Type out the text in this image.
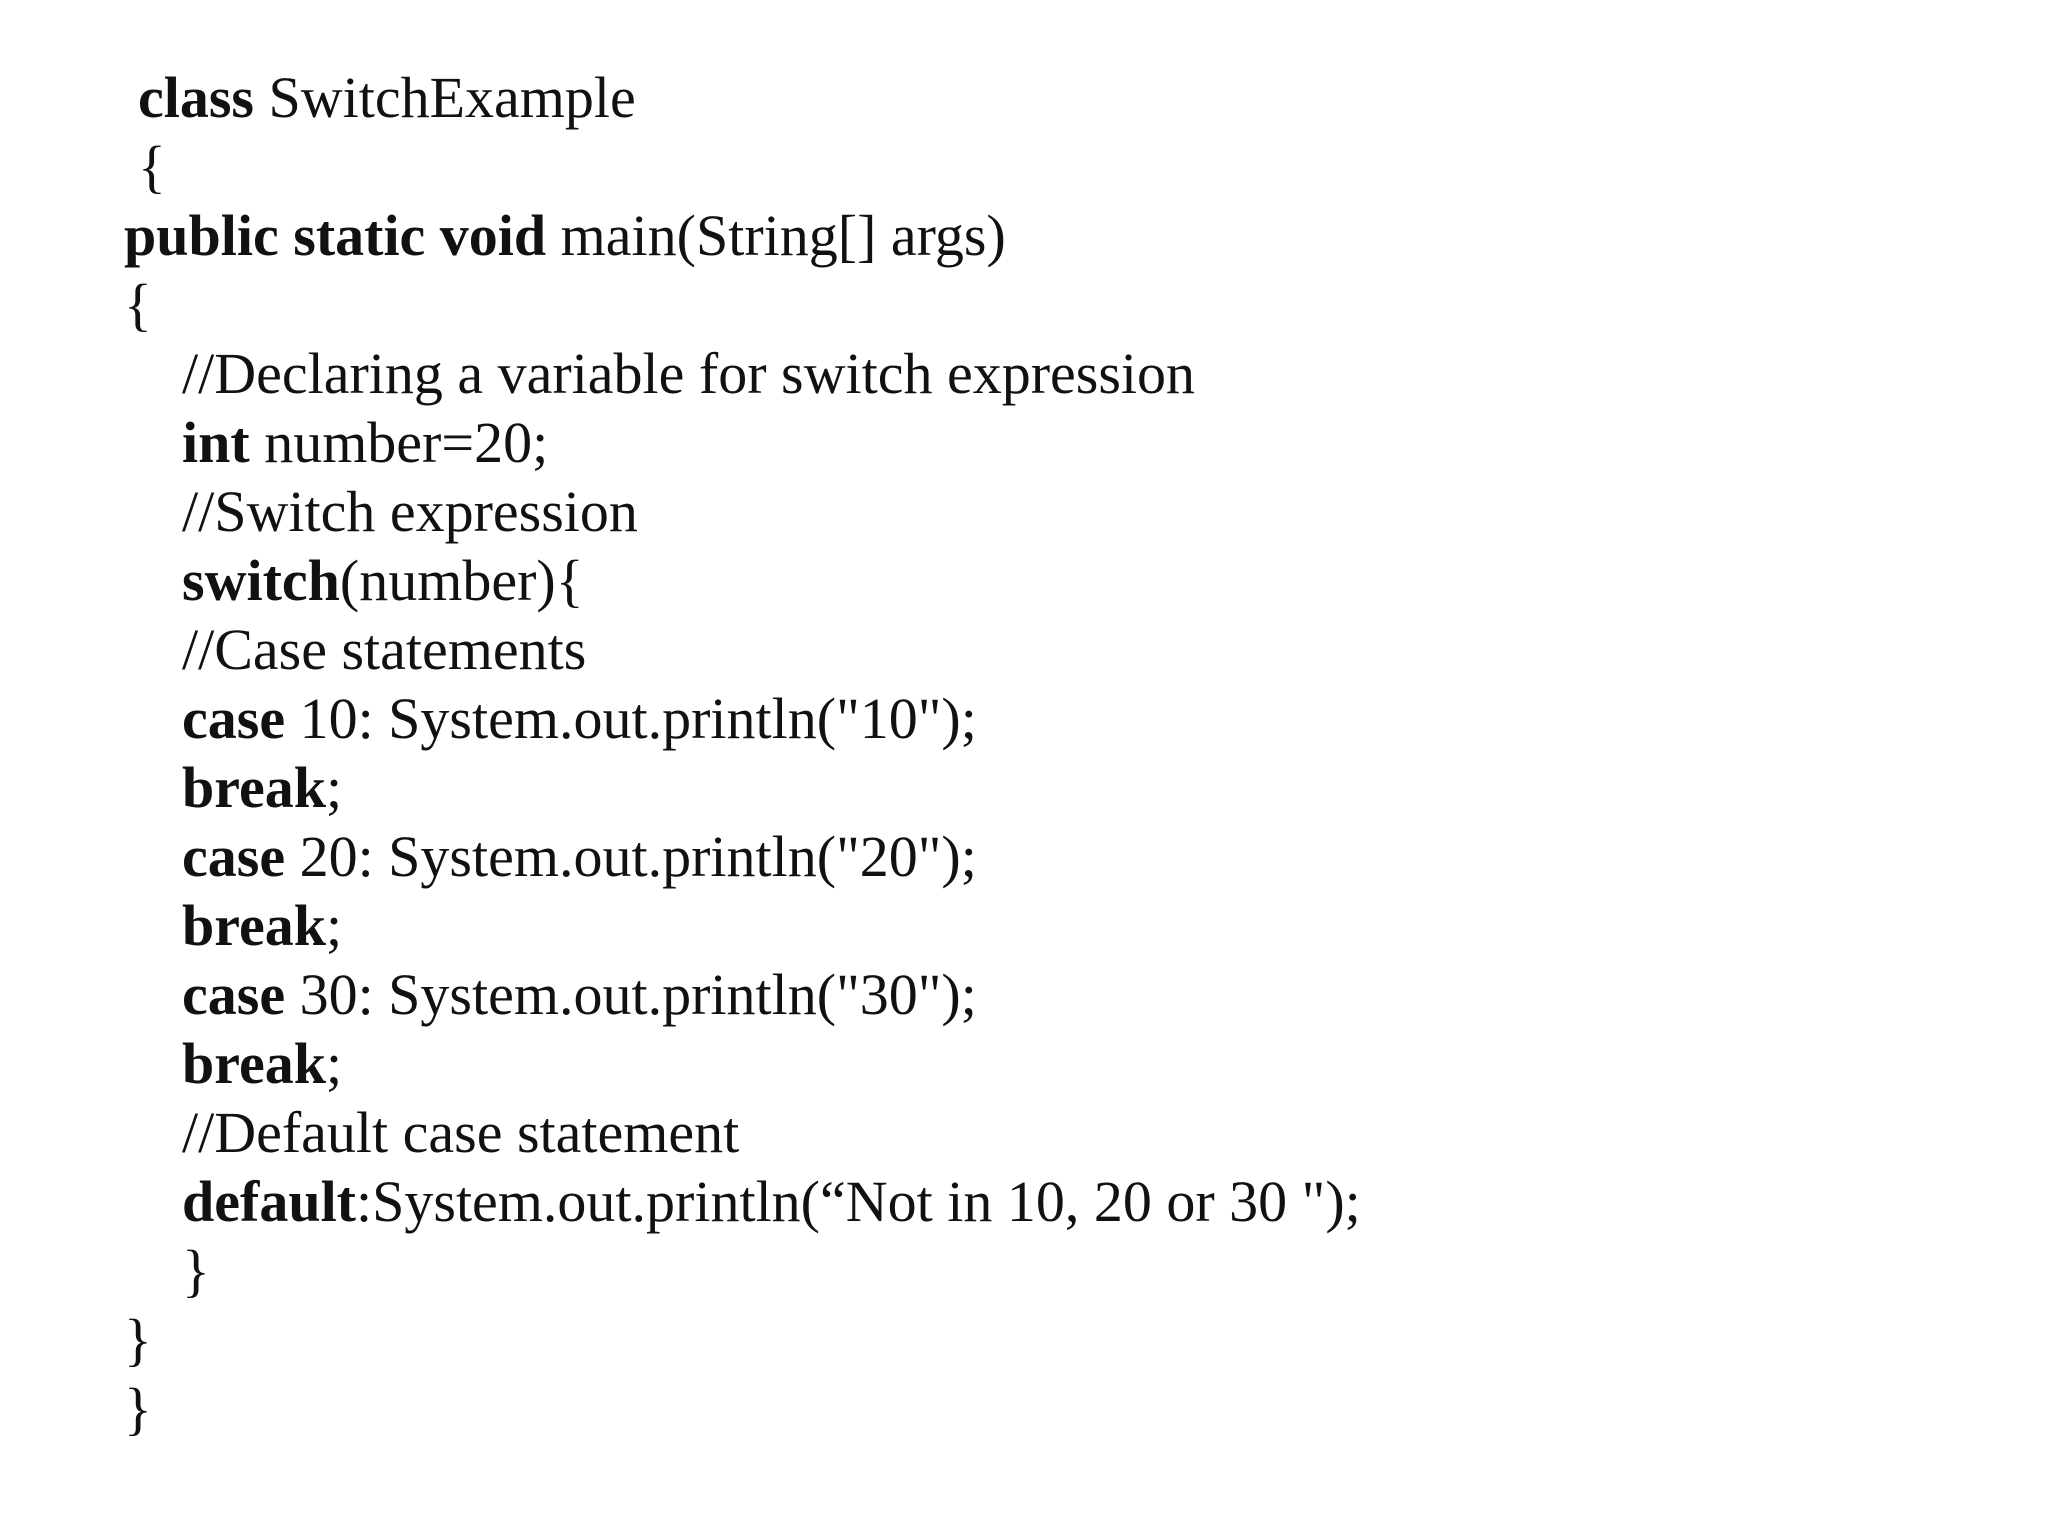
class SwitchExample
{
public static void main(String[] args)
{
//Declaring a variable for switch expression
int number=20;
//Switch expression
switch(number){
//Case statements
case 10: System.out.println("10");
break;
case 20: System.out.println("20");
break;
case 30: System.out.println("30");
break;
//Default case statement
default:System.out.println(“Not in 10, 20 or 30 ");
}
}
}
